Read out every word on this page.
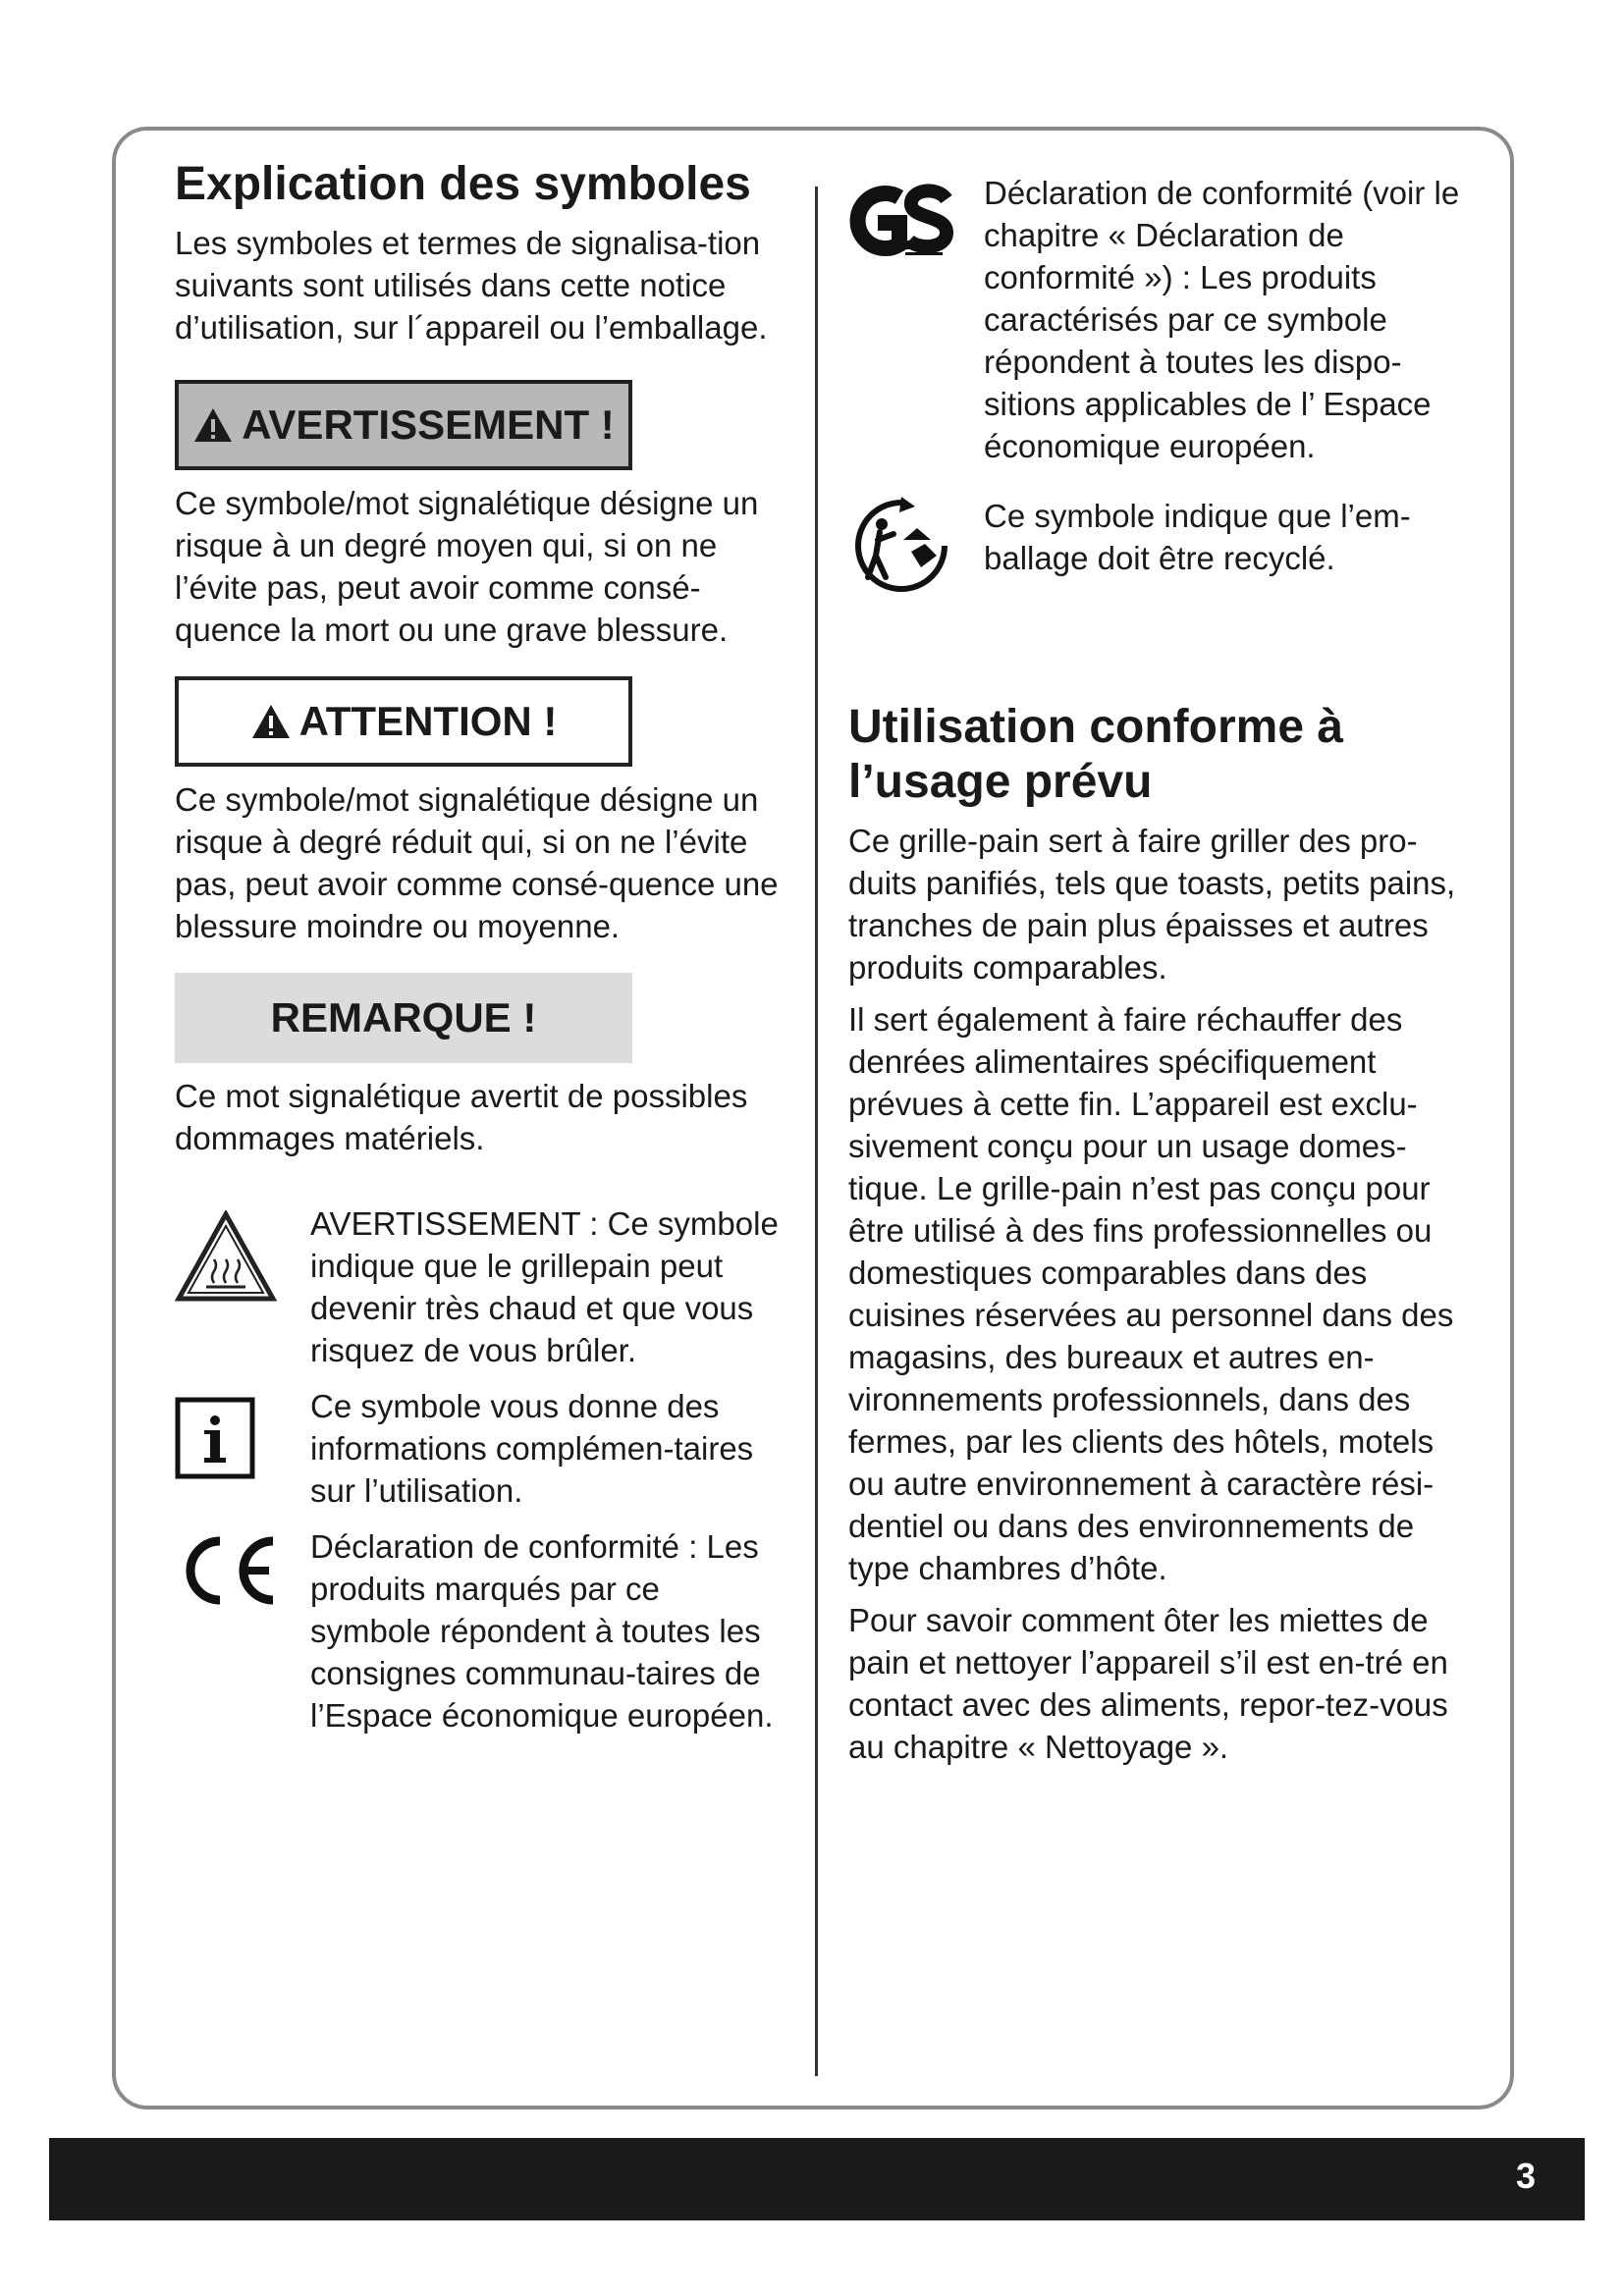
Explication des symboles

Les symboles et termes de signalisa-tion suivants sont utilisés dans cette notice d’utilisation, sur l´appareil ou l’emballage.

AVERTISSEMENT !

Ce symbole/mot signalétique désigne un risque à un degré moyen qui, si on ne l’évite pas, peut avoir comme consé-quence la mort ou une grave blessure.

ATTENTION !

Ce symbole/mot signalétique désigne un risque à degré réduit qui, si on ne l’évite pas, peut avoir comme consé-quence une blessure moindre ou moyenne.

REMARQUE !

Ce mot signalétique avertit de possibles dommages matériels.

AVERTISSEMENT : Ce symbole indique que le grillepain peut devenir très chaud et que vous risquez de vous brûler.

Ce symbole vous donne des informations complémen-taires sur l’utilisation.

Déclaration de conformité : Les produits marqués par ce symbole répondent à toutes les consignes communau-taires de l’Espace économique européen.

Déclaration de conformité (voir le chapitre « Déclaration de conformité ») : Les produits caractérisés par ce symbole répondent à toutes les dispo-sitions applicables de l’ Espace économique européen.

Ce symbole indique que l’em-ballage doit être recyclé.

Utilisation conforme à l’usage prévu

Ce grille-pain sert à faire griller des pro-duits panifiés, tels que toasts, petits pains, tranches de pain plus épaisses et autres produits comparables.

Il sert également à faire réchauffer des denrées alimentaires spécifiquement prévues à cette fin. L’appareil est exclu-sivement conçu pour un usage domes-tique. Le grille-pain n’est pas conçu pour être utilisé à des fins professionnelles ou domestiques comparables dans des cuisines réservées au personnel dans des magasins, des bureaux et autres en-vironnements professionnels, dans des fermes, par les clients des hôtels, motels ou autre environnement à caractère rési-dentiel ou dans des environnements de type chambres d’hôte.

Pour savoir comment ôter les miettes de pain et nettoyer l’appareil s’il est en-tré en contact avec des aliments, repor-tez-vous au chapitre « Nettoyage ».

3
